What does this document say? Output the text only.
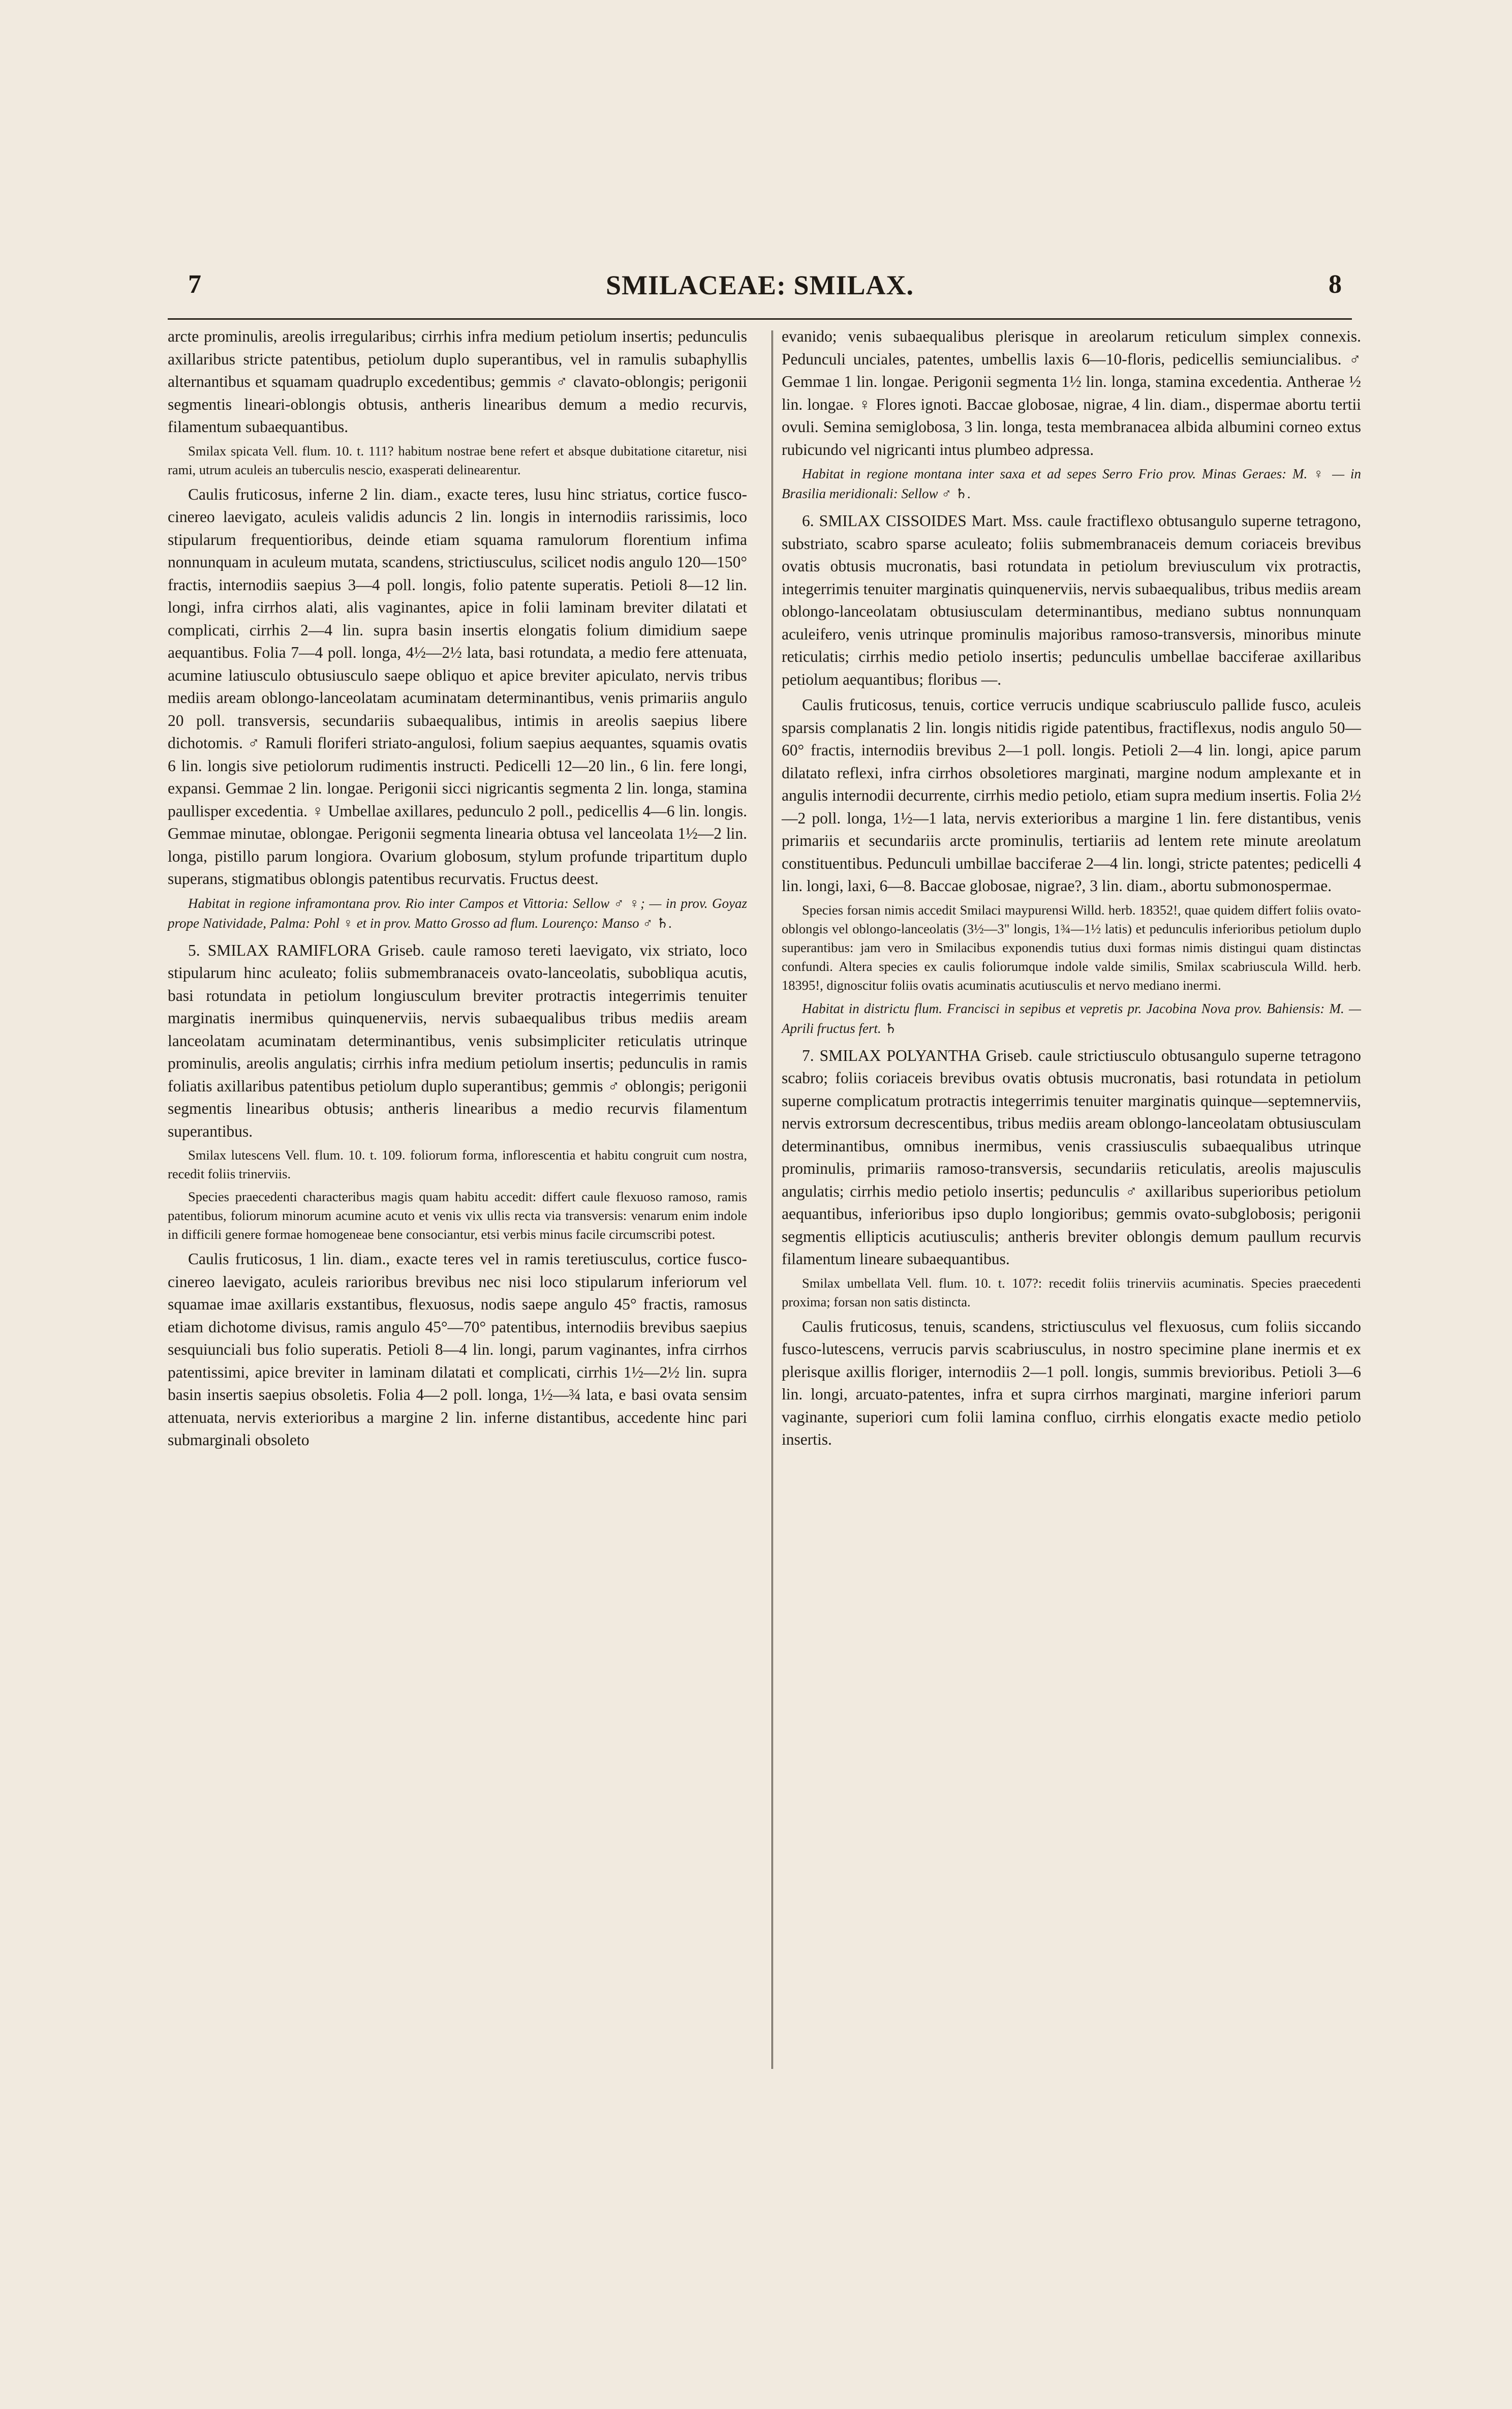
7	SMILACEAE: SMILAX.	8

arcte prominulis, areolis irregularibus; cirrhis infra medium petiolum insertis; pedunculis axillaribus stricte patentibus, petiolum duplo superantibus, vel in ramulis subaphyllis alternantibus et squamam quadruplo excedentibus; gemmis ♂ clavato-oblongis; perigonii segmentis lineari-oblongis obtusis, antheris linearibus demum a medio recurvis, filamentum subaequantibus.

Smilax spicata Vell. flum. 10. t. 111? habitum nostrae bene refert et absque dubitatione citaretur, nisi rami, utrum aculeis an tuberculis nescio, exasperati delinearentur.

Caulis fruticosus, inferne 2 lin. diam., exacte teres, lusu hinc striatus, cortice fusco-cinereo laevigato, aculeis validis aduncis 2 lin. longis in internodiis rarissimis, loco stipularum frequentioribus, deinde etiam squama ramulorum florentium infima nonnunquam in aculeum mutata, scandens, strictiusculus, scilicet nodis angulo 120—150° fractis, internodiis saepius 3—4 poll. longis, folio patente superatis. Petioli 8—12 lin. longi, infra cirrhos alati, alis vaginantes, apice in folii laminam breviter dilatati et complicati, cirrhis 2—4 lin. supra basin insertis elongatis folium dimidium saepe aequantibus. Folia 7—4 poll. longa, 4½—2½ lata, basi rotundata, a medio fere attenuata, acumine latiusculo obtusiusculo saepe obliquo et apice breviter apiculato, nervis tribus mediis aream oblongo-lanceolatam acuminatam determinantibus, venis primariis angulo 20 poll. transversis, secundariis subaequalibus, intimis in areolis saepius libere dichotomis. ♂ Ramuli floriferi striato-angulosi, folium saepius aequantes, squamis ovatis 6 lin. longis sive petiolorum rudimentis instructi. Pedicelli 12—20 lin., 6 lin. fere longi, expansi. Gemmae 2 lin. longae. Perigonii sicci nigricantis segmenta 2 lin. longa, stamina paullisper excedentia. ♀ Umbellae axillares, pedunculo 2 poll., pedicellis 4—6 lin. longis. Gemmae minutae, oblongae. Perigonii segmenta linearia obtusa vel lanceolata 1½—2 lin. longa, pistillo parum longiora. Ovarium globosum, stylum profunde tripartitum duplo superans, stigmatibus oblongis patentibus recurvatis. Fructus deest.

Habitat in regione inframontana prov. Rio inter Campos et Vittoria: Sellow ♂ ♀; — in prov. Goyaz prope Natividade, Palma: Pohl ♀ et in prov. Matto Grosso ad flum. Lourenço: Manso ♂ ♄.

5. SMILAX RAMIFLORA Griseb. caule ramoso tereti laevigato, vix striato, loco stipularum hinc aculeato; foliis submembranaceis ovato-lanceolatis, subobliqua acutis, basi rotundata in petiolum longiusculum breviter protractis integerrimis tenuiter marginatis inermibus quinquenerviis, nervis subaequalibus tribus mediis aream lanceolatam acuminatam determinantibus, venis subsimpliciter reticulatis utrinque prominulis, areolis angulatis; cirrhis infra medium petiolum insertis; pedunculis in ramis foliatis axillaribus patentibus petiolum duplo superantibus; gemmis ♂ oblongis; perigonii segmentis linearibus obtusis; antheris linearibus a medio recurvis filamentum superantibus.

Smilax lutescens Vell. flum. 10. t. 109. foliorum forma, inflorescentia et habitu congruit cum nostra, recedit foliis trinerviis.

Species praecedenti characteribus magis quam habitu accedit: differt caule flexuoso ramoso, ramis patentibus, foliorum minorum acumine acuto et venis vix ullis recta via transversis: venarum enim indole in difficili genere formae homogeneae bene consociantur, etsi verbis minus facile circumscribi potest.

Caulis fruticosus, 1 lin. diam., exacte teres vel in ramis teretiusculus, cortice fusco-cinereo laevigato, aculeis rarioribus brevibus nec nisi loco stipularum inferiorum vel squamae imae axillaris exstantibus, flexuosus, nodis saepe angulo 45° fractis, ramosus etiam dichotome divisus, ramis angulo 45°—70° patentibus, internodiis brevibus saepius sesquiunciali bus folio superatis. Petioli 8—4 lin. longi, parum vaginantes, infra cirrhos patentissimi, apice breviter in laminam dilatati et complicati, cirrhis 1½—2½ lin. supra basin insertis saepius obsoletis. Folia 4—2 poll. longa, 1½—¾ lata, e basi ovata sensim attenuata, nervis exterioribus a margine 2 lin. inferne distantibus, accedente hinc pari submarginali obsoleto

evanido; venis subaequalibus plerisque in areolarum reticulum simplex connexis. Pedunculi unciales, patentes, umbellis laxis 6—10-floris, pedicellis semiuncialibus. ♂ Gemmae 1 lin. longae. Perigonii segmenta 1½ lin. longa, stamina excedentia. Antherae ½ lin. longae. ♀ Flores ignoti. Baccae globosae, nigrae, 4 lin. diam., dispermae abortu tertii ovuli. Semina semiglobosa, 3 lin. longa, testa membranacea albida albumini corneo extus rubicundo vel nigricanti intus plumbeo adpressa.

Habitat in regione montana inter saxa et ad sepes Serro Frio prov. Minas Geraes: M. ♀ — in Brasilia meridionali: Sellow ♂ ♄.

6. SMILAX CISSOIDES Mart. Mss. caule fractiflexo obtusangulo superne tetragono, substriato, scabro sparse aculeato; foliis submembranaceis demum coriaceis brevibus ovatis obtusis mucronatis, basi rotundata in petiolum breviusculum vix protractis, integerrimis tenuiter marginatis quinquenerviis, nervis subaequalibus, tribus mediis aream oblongo-lanceolatam obtusiusculam determinantibus, mediano subtus nonnunquam aculeifero, venis utrinque prominulis majoribus ramoso-transversis, minoribus minute reticulatis; cirrhis medio petiolo insertis; pedunculis umbellae bacciferae axillaribus petiolum aequantibus; floribus —.

Caulis fruticosus, tenuis, cortice verrucis undique scabriusculo pallide fusco, aculeis sparsis complanatis 2 lin. longis nitidis rigide patentibus, fractiflexus, nodis angulo 50—60° fractis, internodiis brevibus 2—1 poll. longis. Petioli 2—4 lin. longi, apice parum dilatato reflexi, infra cirrhos obsoletiores marginati, margine nodum amplexante et in angulis internodii decurrente, cirrhis medio petiolo, etiam supra medium insertis. Folia 2½—2 poll. longa, 1½—1 lata, nervis exterioribus a margine 1 lin. fere distantibus, venis primariis et secundariis arcte prominulis, tertiariis ad lentem rete minute areolatum constituentibus. Pedunculi umbillae bacciferae 2—4 lin. longi, stricte patentes; pedicelli 4 lin. longi, laxi, 6—8. Baccae globosae, nigrae?, 3 lin. diam., abortu submonospermae.

Species forsan nimis accedit Smilaci maypurensi Willd. herb. 18352!, quae quidem differt foliis ovato-oblongis vel oblongo-lanceolatis (3½—3" longis, 1¾—1½ latis) et pedunculis inferioribus petiolum duplo superantibus: jam vero in Smilacibus exponendis tutius duxi formas nimis distingui quam distinctas confundi. Altera species ex caulis foliorumque indole valde similis, Smilax scabriuscula Willd. herb. 18395!, dignoscitur foliis ovatis acuminatis acutiusculis et nervo mediano inermi.

Habitat in districtu flum. Francisci in sepibus et vepretis pr. Jacobina Nova prov. Bahiensis: M. — Aprili fructus fert. ♄

7. SMILAX POLYANTHA Griseb. caule strictiusculo obtusangulo superne tetragono scabro; foliis coriaceis brevibus ovatis obtusis mucronatis, basi rotundata in petiolum superne complicatum protractis integerrimis tenuiter marginatis quinque—septemnerviis, nervis extrorsum decrescentibus, tribus mediis aream oblongo-lanceolatam obtusiusculam determinantibus, omnibus inermibus, venis crassiusculis subaequalibus utrinque prominulis, primariis ramoso-transversis, secundariis reticulatis, areolis majusculis angulatis; cirrhis medio petiolo insertis; pedunculis ♂ axillaribus superioribus petiolum aequantibus, inferioribus ipso duplo longioribus; gemmis ovato-subglobosis; perigonii segmentis ellipticis acutiusculis; antheris breviter oblongis demum paullum recurvis filamentum lineare subaequantibus.

Smilax umbellata Vell. flum. 10. t. 107?: recedit foliis trinerviis acuminatis. Species praecedenti proxima; forsan non satis distincta.

Caulis fruticosus, tenuis, scandens, strictiusculus vel flexuosus, cum foliis siccando fusco-lutescens, verrucis parvis scabriusculus, in nostro specimine plane inermis et ex plerisque axillis floriger, internodiis 2—1 poll. longis, summis brevioribus. Petioli 3—6 lin. longi, arcuato-patentes, infra et supra cirrhos marginati, margine inferiori parum vaginante, superiori cum folii lamina confluo, cirrhis elongatis exacte medio petiolo insertis.
